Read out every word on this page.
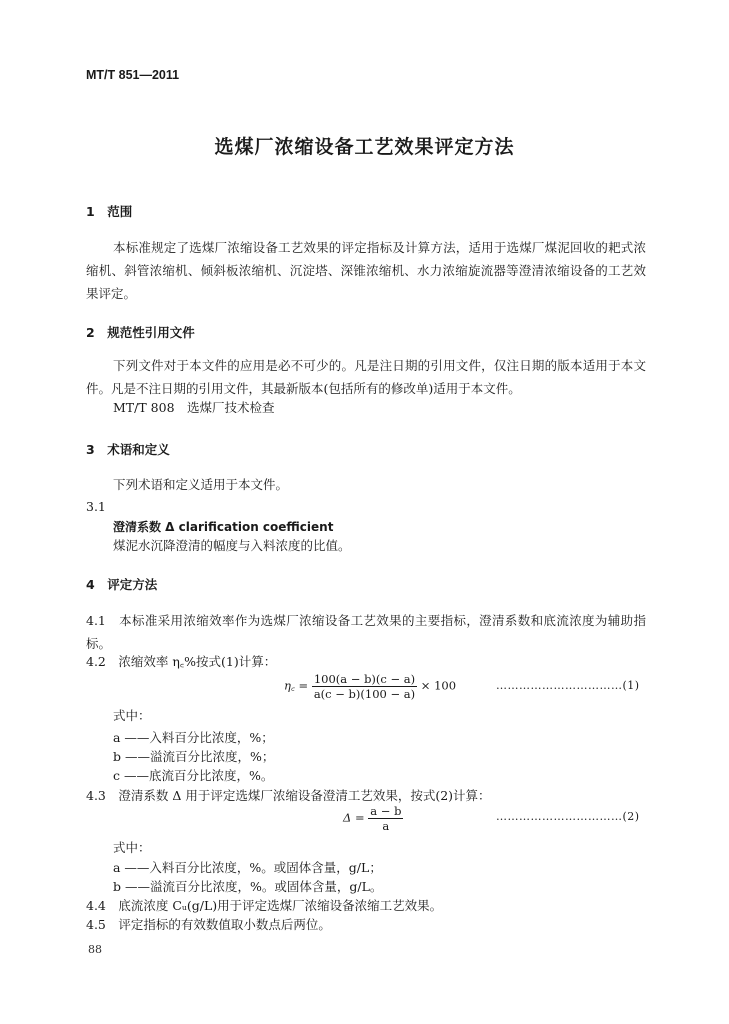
MT/T 851—2011
选煤厂浓缩设备工艺效果评定方法
1　范围
本标准规定了选煤厂浓缩设备工艺效果的评定指标及计算方法，适用于选煤厂煤泥回收的耙式浓缩机、斜管浓缩机、倾斜板浓缩机、沉淀塔、深锥浓缩机、水力浓缩旋流器等澄清浓缩设备的工艺效果评定。
2　规范性引用文件
下列文件对于本文件的应用是必不可少的。凡是注日期的引用文件，仅注日期的版本适用于本文件。凡是不注日期的引用文件，其最新版本(包括所有的修改单)适用于本文件。
MT/T 808　选煤厂技术检查
3　术语和定义
下列术语和定义适用于本文件。
3.1
澄清系数 Δ clarification coefficient
煤泥水沉降澄清的幅度与入料浓度的比值。
4　评定方法
4.1　本标准采用浓缩效率作为选煤厂浓缩设备工艺效果的主要指标，澄清系数和底流浓度为辅助指标。
4.2　浓缩效率 η꜀%按式(1)计算：
η꜀ = $\frac{100(a - b)(c - a)}{a(c - b)(100 - a)} \times 100$	……………………………(1)
式中：
a ——入料百分比浓度，%；
b ——溢流百分比浓度，%；
c ——底流百分比浓度，%。
4.3　澄清系数 Δ 用于评定选煤厂浓缩设备澄清工艺效果，按式(2)计算：
$\Delta = \frac{a - b}{a}$	……………………………(2)
式中：
a ——入料百分比浓度，%。或固体含量，g/L；
b ——溢流百分比浓度，%。或固体含量，g/L。
4.4　底流浓度 Cᵤ(g/L)用于评定选煤厂浓缩设备浓缩工艺效果。
4.5　评定指标的有效数值取小数点后两位。
88
